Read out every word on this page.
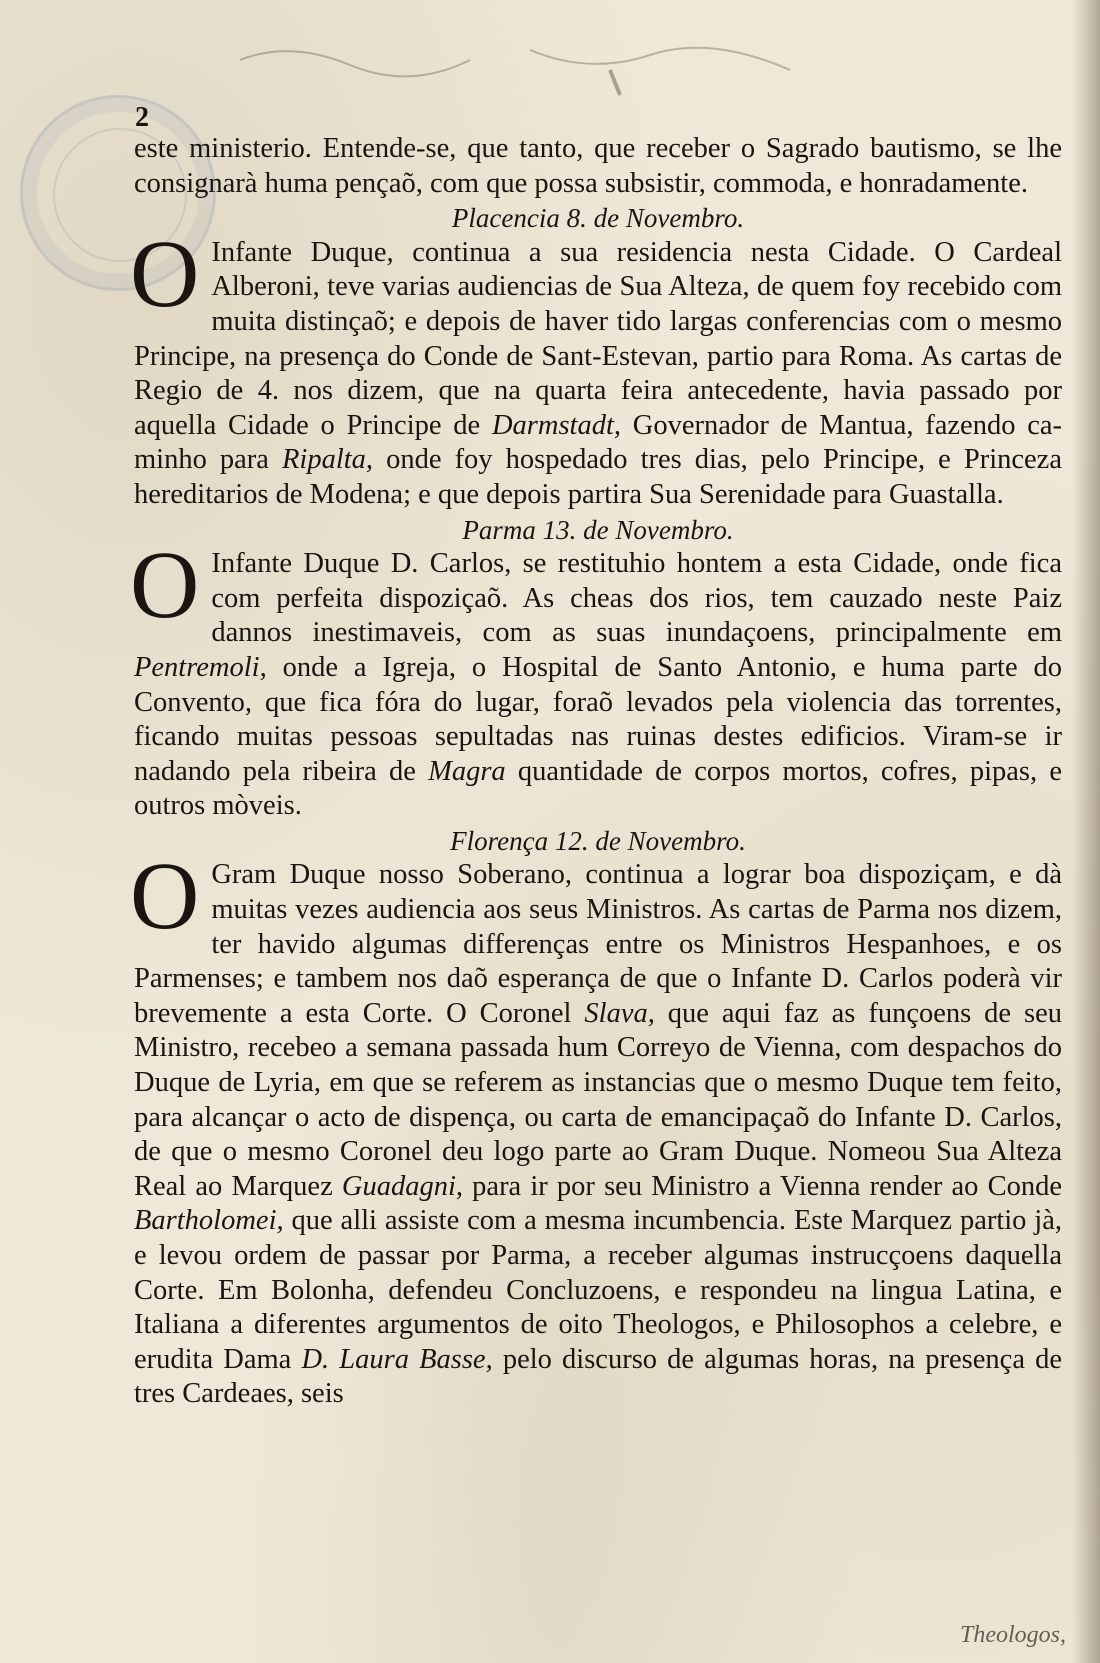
2

este ministerio. Entende-se, que tanto, que receber o Sagrado bautismo, se lhe consignarà huma pençaõ, com que possa subsistir, commoda, e honradamente.

Placencia 8. de Novembro.

O Infante Duque, continua a sua residencia nesta Cidade. O Cardeal Alberoni, teve varias audiencias de Sua Alteza, de quem foy recebido com muita distinçaõ; e depois de haver tido largas conferencias com o mesmo Principe, na presença do Conde de Sant-Estevan, partio para Roma. As cartas de Regio de 4. nos dizem, que na quarta feira antecedente, havia passado por aquella Cidade o Principe de Darmstadt, Governador de Mantua, fazendo caminho para Ripalta, onde foy hospedado tres dias, pelo Principe, e Princeza hereditarios de Modena; e que depois partira Sua Serenidade para Guastalla.

Parma 13. de Novembro.

O Infante Duque D. Carlos, se restituhio hontem a esta Cidade, onde fica com perfeita dispoziçaõ. As cheas dos rios, tem cauzado neste Paiz dannos inestimaveis, com as suas inundaçoens, principalmente em Pentremoli, onde a Igreja, o Hospital de Santo Antonio, e huma parte do Convento, que fica fóra do lugar, foraõ levados pela violencia das torrentes, ficando muitas pessoas sepultadas nas ruinas destes edificios. Viram-se ir nadando pela ribeira de Magra quantidade de corpos mortos, cofres, pipas, e outros mòveis.

Florença 12. de Novembro.

O Gram Duque nosso Soberano, continua a lograr boa dispoziçam, e dà muitas vezes audiencia aos seus Ministros. As cartas de Parma nos dizem, ter havido algumas differenças entre os Ministros Hespanhoes, e os Parmenses; e tambem nos daõ esperança de que o Infante D. Carlos poderà vir brevemente a esta Corte. O Coronel Slava, que aqui faz as funçoens de seu Ministro, recebeo a semana passada hum Correyo de Vienna, com despachos do Duque de Lyria, em que se referem as instancias que o mesmo Duque tem feito, para alcançar o acto de dispença, ou carta de emancipaçaõ do Infante D. Carlos, de que o mesmo Coronel deu logo parte ao Gram Duque. Nomeou Sua Alteza Real ao Marquez Guadagni, para ir por seu Ministro a Vienna render ao Conde Bartholomei, que alli assiste com a mesma incumbencia. Este Marquez partio jà, e levou ordem de passar por Parma, a receber algumas instrucçoens daquella Corte. Em Bolonha, defendeu Concluzoens, e respondeu na lingua Latina, e Italiana a diferentes argumentos de oito Theologos, e Philosophos a celebre, e erudita Dama D. Laura Basse, pelo discurso de algumas horas, na presença de tres Cardeaes, seis

Theologos,
